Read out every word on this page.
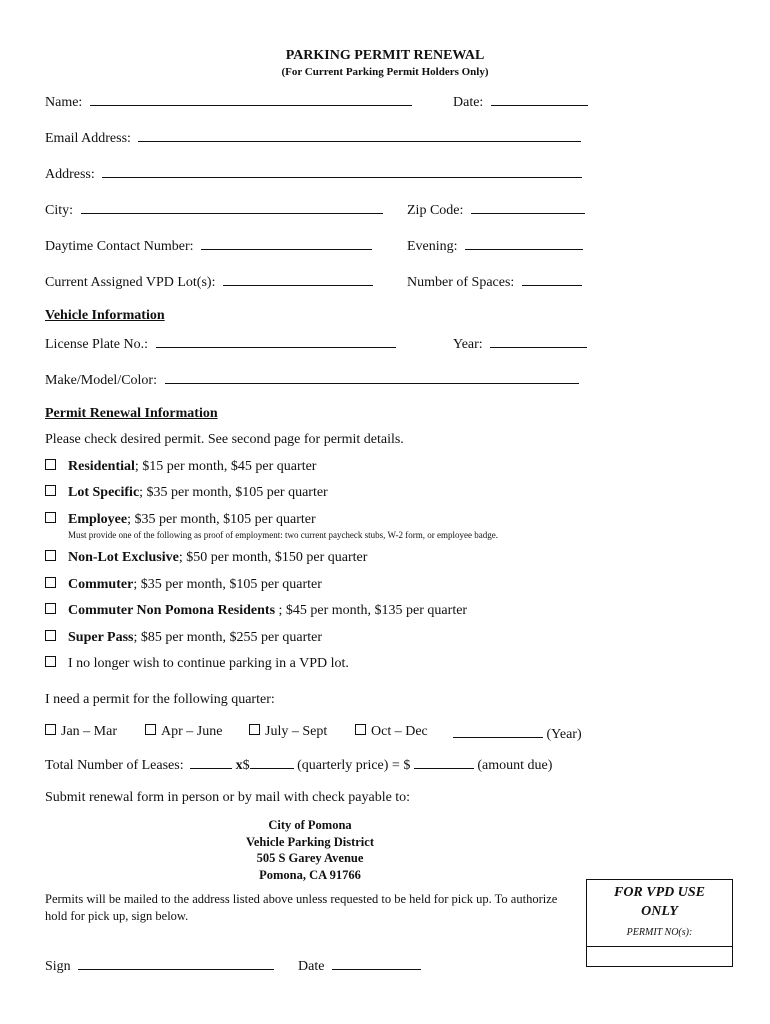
PARKING PERMIT RENEWAL
(For Current Parking Permit Holders Only)
Name:	Date:
Email Address:
Address:
City:	Zip Code:
Daytime Contact Number:	Evening:
Current Assigned VPD Lot(s):	Number of Spaces:
Vehicle Information
License Plate No.:	Year:
Make/Model/Color:
Permit Renewal Information
Please check desired permit. See second page for permit details.
Residential; $15 per month, $45 per quarter
Lot Specific; $35 per month, $105 per quarter
Employee; $35 per month, $105 per quarter
Must provide one of the following as proof of employment: two current paycheck stubs, W-2 form, or employee badge.
Non-Lot Exclusive; $50 per month, $150 per quarter
Commuter; $35 per month, $105 per quarter
Commuter Non Pomona Residents ; $45 per month, $135 per quarter
Super Pass; $85 per month, $255 per quarter
I no longer wish to continue parking in a VPD lot.
I need a permit for the following quarter:
Jan – Mar	Apr – June	July – Sept	Oct – Dec	(Year)
Total Number of Leases:	x$	(quarterly price) = $	(amount due)
Submit renewal form in person or by mail with check payable to:
City of Pomona
Vehicle Parking District
505 S Garey Avenue
Pomona, CA 91766
Permits will be mailed to the address listed above unless requested to be held for pick up. To authorize hold for pick up, sign below.
Sign	Date
FOR VPD USE
ONLY
PERMIT NO(s):
